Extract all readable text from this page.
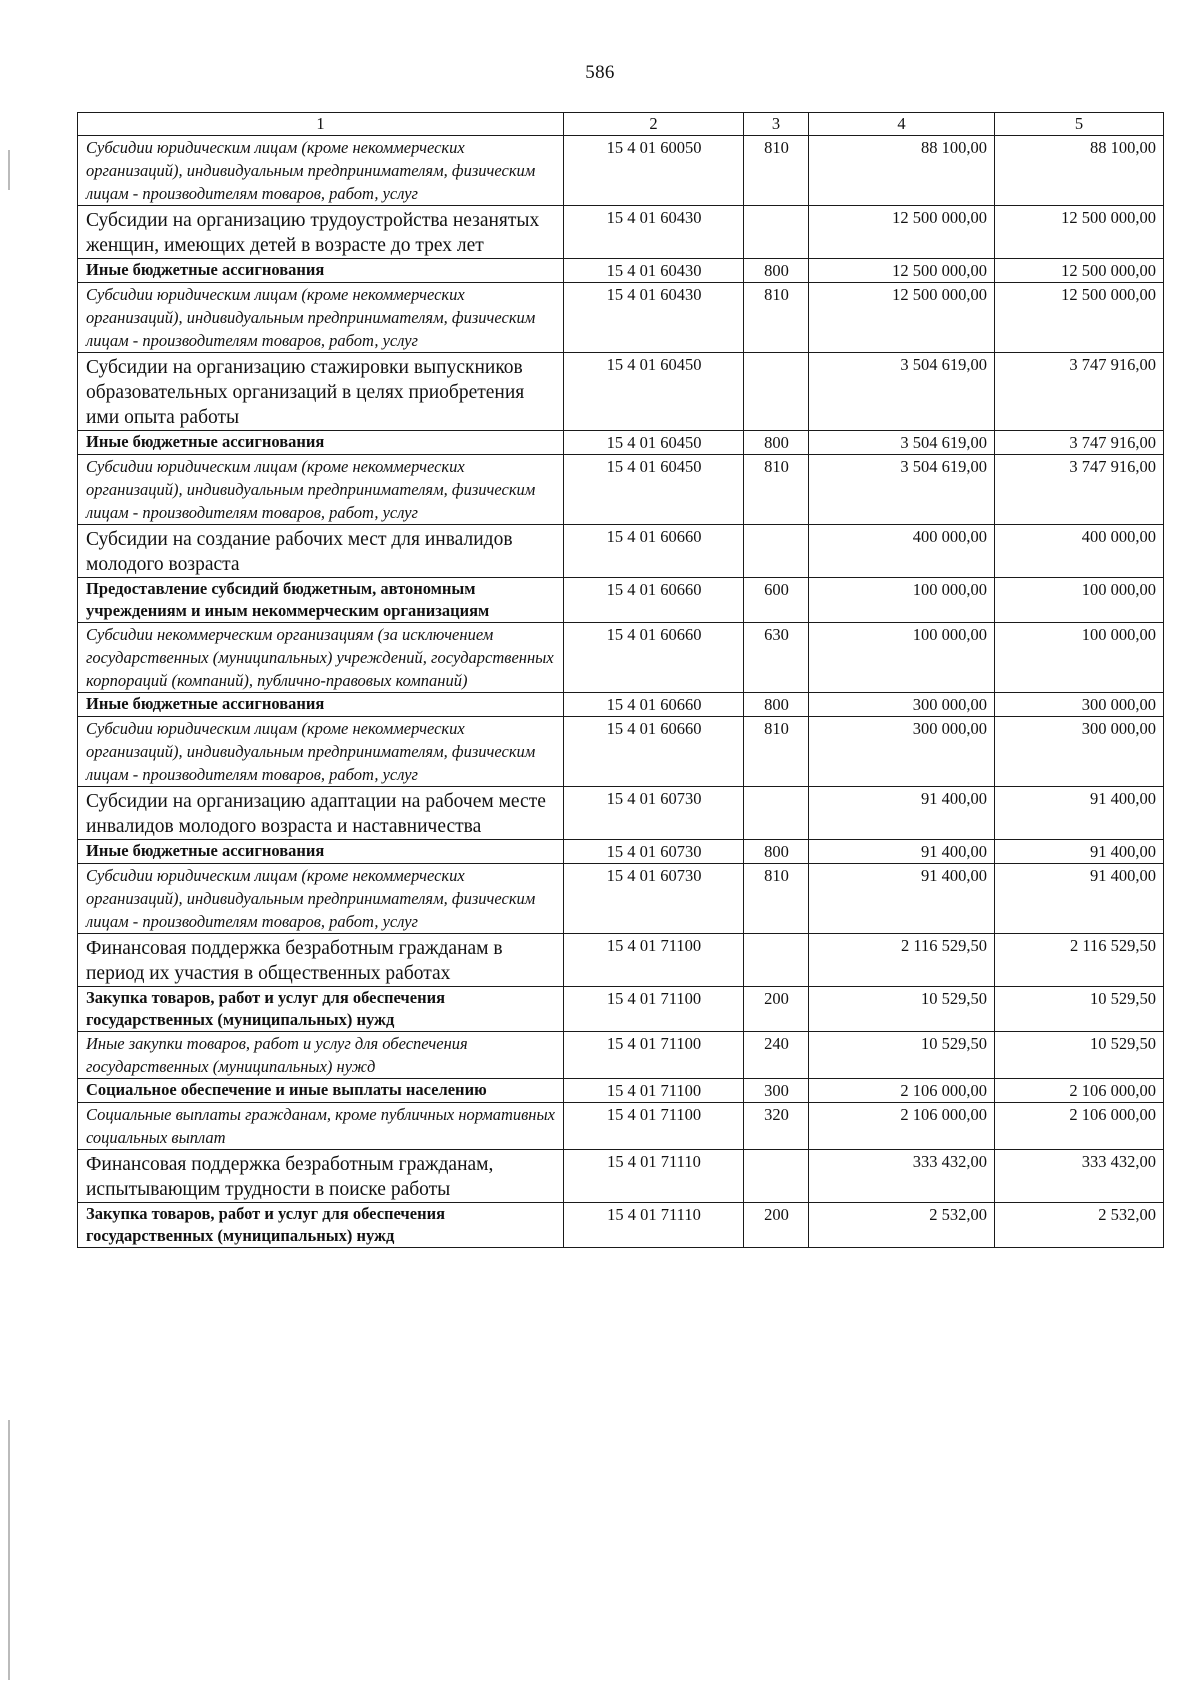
586
1	2	3	4	5
Субсидии юридическим лицам (кроме некоммерческих организаций), индивидуальным предпринимателям, физическим лицам - производителям товаров, работ, услуг	15 4 01 60050	810	88 100,00	88 100,00
Субсидии на организацию трудоустройства незанятых женщин, имеющих детей в возрасте до трех лет	15 4 01 60430		12 500 000,00	12 500 000,00
Иные бюджетные ассигнования	15 4 01 60430	800	12 500 000,00	12 500 000,00
Субсидии юридическим лицам (кроме некоммерческих организаций), индивидуальным предпринимателям, физическим лицам - производителям товаров, работ, услуг	15 4 01 60430	810	12 500 000,00	12 500 000,00
Субсидии на организацию стажировки выпускников образовательных организаций в целях приобретения ими опыта работы	15 4 01 60450		3 504 619,00	3 747 916,00
Иные бюджетные ассигнования	15 4 01 60450	800	3 504 619,00	3 747 916,00
Субсидии юридическим лицам (кроме некоммерческих организаций), индивидуальным предпринимателям, физическим лицам - производителям товаров, работ, услуг	15 4 01 60450	810	3 504 619,00	3 747 916,00
Субсидии на создание рабочих мест для инвалидов молодого возраста	15 4 01 60660		400 000,00	400 000,00
Предоставление субсидий бюджетным, автономным учреждениям и иным некоммерческим организациям	15 4 01 60660	600	100 000,00	100 000,00
Субсидии некоммерческим организациям (за исключением государственных (муниципальных) учреждений, государственных корпораций (компаний), публично-правовых компаний)	15 4 01 60660	630	100 000,00	100 000,00
Иные бюджетные ассигнования	15 4 01 60660	800	300 000,00	300 000,00
Субсидии юридическим лицам (кроме некоммерческих организаций), индивидуальным предпринимателям, физическим лицам - производителям товаров, работ, услуг	15 4 01 60660	810	300 000,00	300 000,00
Субсидии на организацию адаптации на рабочем месте инвалидов молодого возраста и наставничества	15 4 01 60730		91 400,00	91 400,00
Иные бюджетные ассигнования	15 4 01 60730	800	91 400,00	91 400,00
Субсидии юридическим лицам (кроме некоммерческих организаций), индивидуальным предпринимателям, физическим лицам - производителям товаров, работ, услуг	15 4 01 60730	810	91 400,00	91 400,00
Финансовая поддержка безработным гражданам в период их участия в общественных работах	15 4 01 71100		2 116 529,50	2 116 529,50
Закупка товаров, работ и услуг для обеспечения государственных (муниципальных) нужд	15 4 01 71100	200	10 529,50	10 529,50
Иные закупки товаров, работ и услуг для обеспечения государственных (муниципальных) нужд	15 4 01 71100	240	10 529,50	10 529,50
Социальное обеспечение и иные выплаты населению	15 4 01 71100	300	2 106 000,00	2 106 000,00
Социальные выплаты гражданам, кроме публичных нормативных социальных выплат	15 4 01 71100	320	2 106 000,00	2 106 000,00
Финансовая поддержка безработным гражданам, испытывающим трудности в поиске работы	15 4 01 71110		333 432,00	333 432,00
Закупка товаров, работ и услуг для обеспечения государственных (муниципальных) нужд	15 4 01 71110	200	2 532,00	2 532,00
